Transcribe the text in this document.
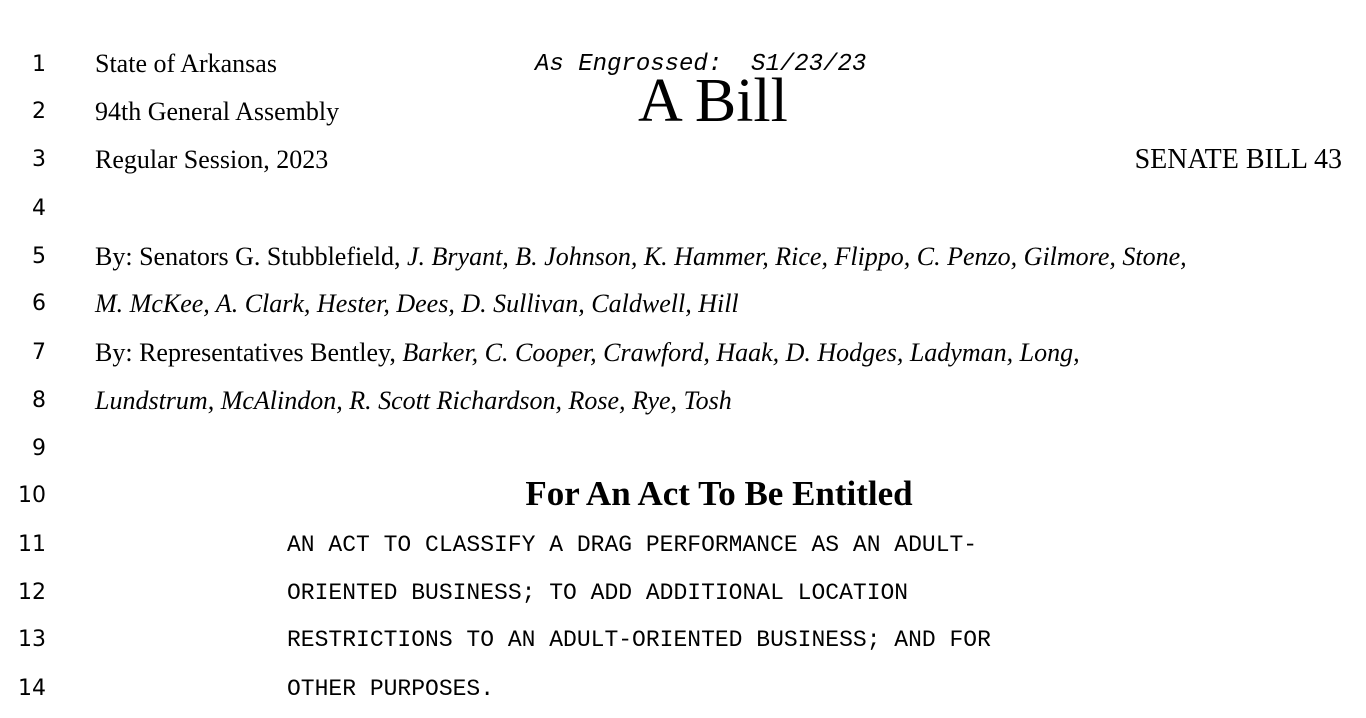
1
2
3
4
5
6
7
8
9
10
11
12
13
14
State of Arkansas
94th General Assembly
Regular Session, 2023
As Engrossed:  S1/23/23
A Bill
SENATE BILL 43
By: Senators G. Stubblefield, J. Bryant, B. Johnson, K. Hammer, Rice, Flippo, C. Penzo, Gilmore, Stone,
M. McKee, A. Clark, Hester, Dees, D. Sullivan, Caldwell, Hill
By: Representatives Bentley, Barker, C. Cooper, Crawford, Haak, D. Hodges, Ladyman, Long,
Lundstrum, McAlindon, R. Scott Richardson, Rose, Rye, Tosh
For An Act To Be Entitled
AN ACT TO CLASSIFY A DRAG PERFORMANCE AS AN ADULT-
ORIENTED BUSINESS; TO ADD ADDITIONAL LOCATION
RESTRICTIONS TO AN ADULT-ORIENTED BUSINESS; AND FOR
OTHER PURPOSES.
